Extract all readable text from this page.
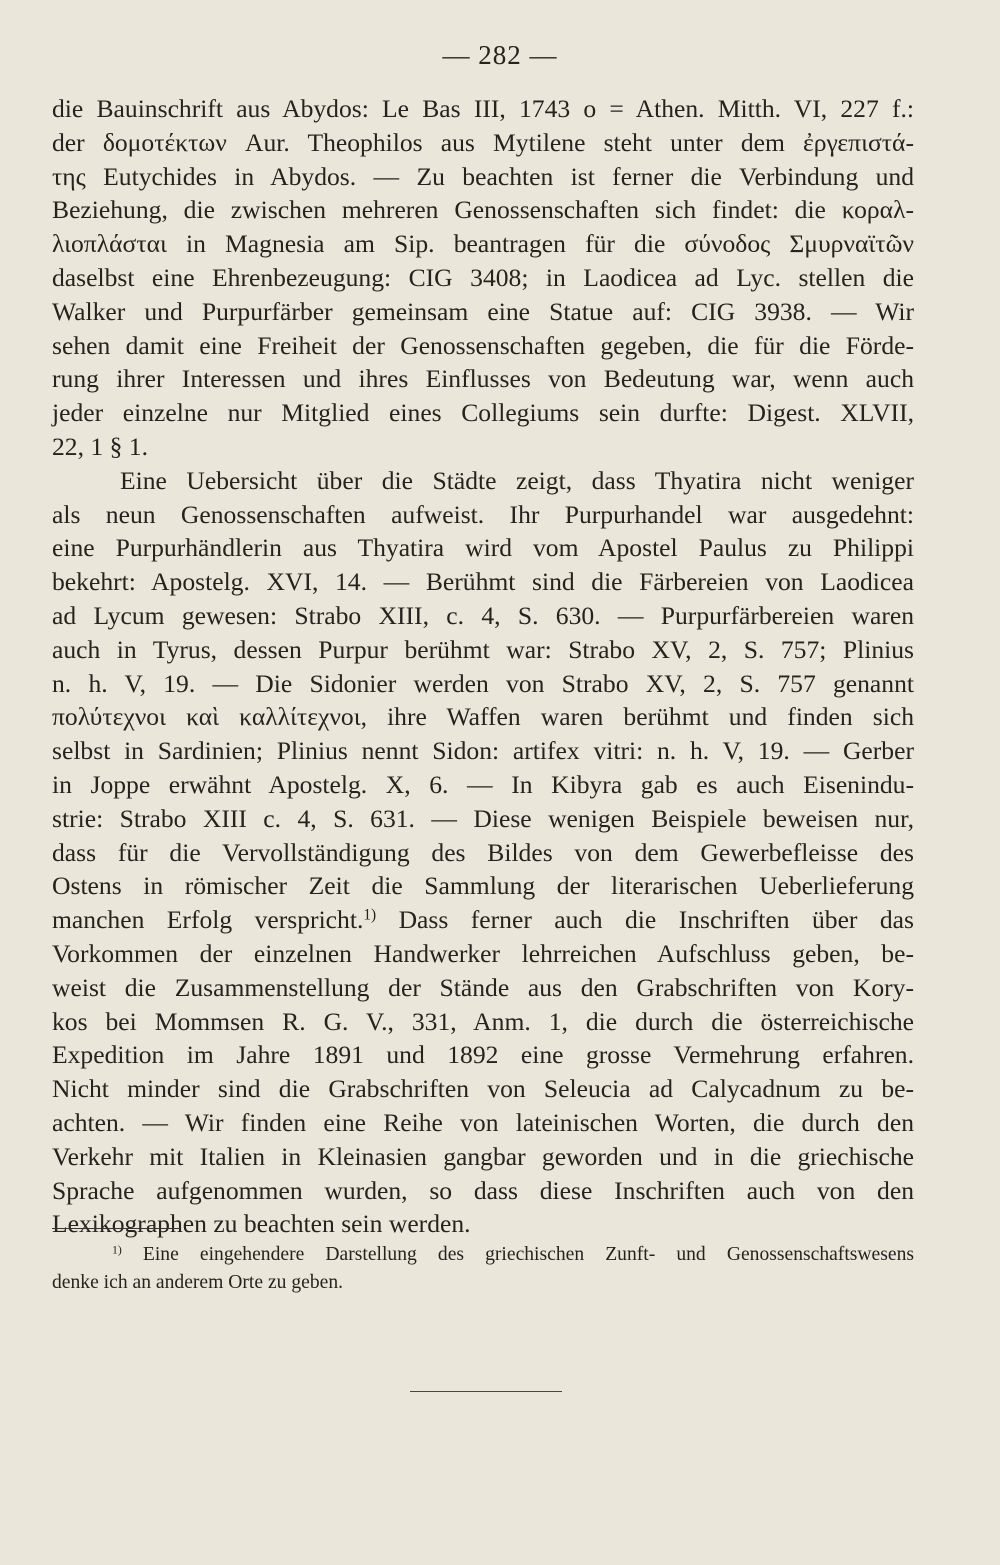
— 282 —

die Bauinschrift aus Abydos: Le Bas III, 1743 o = Athen. Mitth. VI, 227 f.:
der δομοτέκτων Aur. Theophilos aus Mytilene steht unter dem ἐργεπιστά-
της Eutychides in Abydos. — Zu beachten ist ferner die Verbindung und
Beziehung, die zwischen mehreren Genossenschaften sich findet: die κοραλ-
λιοπλάσται in Magnesia am Sip. beantragen für die σύνοδος Σμυρναϊτῶν
daselbst eine Ehrenbezeugung: CIG 3408; in Laodicea ad Lyc. stellen die
Walker und Purpurfärber gemeinsam eine Statue auf: CIG 3938. — Wir
sehen damit eine Freiheit der Genossenschaften gegeben, die für die Förde-
rung ihrer Interessen und ihres Einflusses von Bedeutung war, wenn auch
jeder einzelne nur Mitglied eines Collegiums sein durfte: Digest. XLVII,
22, 1 § 1.
Eine Uebersicht über die Städte zeigt, dass Thyatira nicht weniger
als neun Genossenschaften aufweist. Ihr Purpurhandel war ausgedehnt:
eine Purpurhändlerin aus Thyatira wird vom Apostel Paulus zu Philippi
bekehrt: Apostelg. XVI, 14. — Berühmt sind die Färbereien von Laodicea
ad Lycum gewesen: Strabo XIII, c. 4, S. 630. — Purpurfärbereien waren
auch in Tyrus, dessen Purpur berühmt war: Strabo XV, 2, S. 757; Plinius
n. h. V, 19. — Die Sidonier werden von Strabo XV, 2, S. 757 genannt
πολύτεχνοι καὶ καλλίτεχνοι, ihre Waffen waren berühmt und finden sich
selbst in Sardinien; Plinius nennt Sidon: artifex vitri: n. h. V, 19. — Gerber
in Joppe erwähnt Apostelg. X, 6. — In Kibyra gab es auch Eisenindu-
strie: Strabo XIII c. 4, S. 631. — Diese wenigen Beispiele beweisen nur,
dass für die Vervollständigung des Bildes von dem Gewerbefleisse des
Ostens in römischer Zeit die Sammlung der literarischen Ueberlieferung
manchen Erfolg verspricht.$^{1)}$ Dass ferner auch die Inschriften über das
Vorkommen der einzelnen Handwerker lehrreichen Aufschluss geben, be-
weist die Zusammenstellung der Stände aus den Grabschriften von Kory-
kos bei Mommsen R. G. V., 331, Anm. 1, die durch die österreichische
Expedition im Jahre 1891 und 1892 eine grosse Vermehrung erfahren.
Nicht minder sind die Grabschriften von Seleucia ad Calycadnum zu be-
achten. — Wir finden eine Reihe von lateinischen Worten, die durch den
Verkehr mit Italien in Kleinasien gangbar geworden und in die griechische
Sprache aufgenommen wurden, so dass diese Inschriften auch von den
Lexikographen zu beachten sein werden.
$^{1)}$ Eine eingehendere Darstellung des griechischen Zunft- und Genossenschaftswesens
denke ich an anderem Orte zu geben.
